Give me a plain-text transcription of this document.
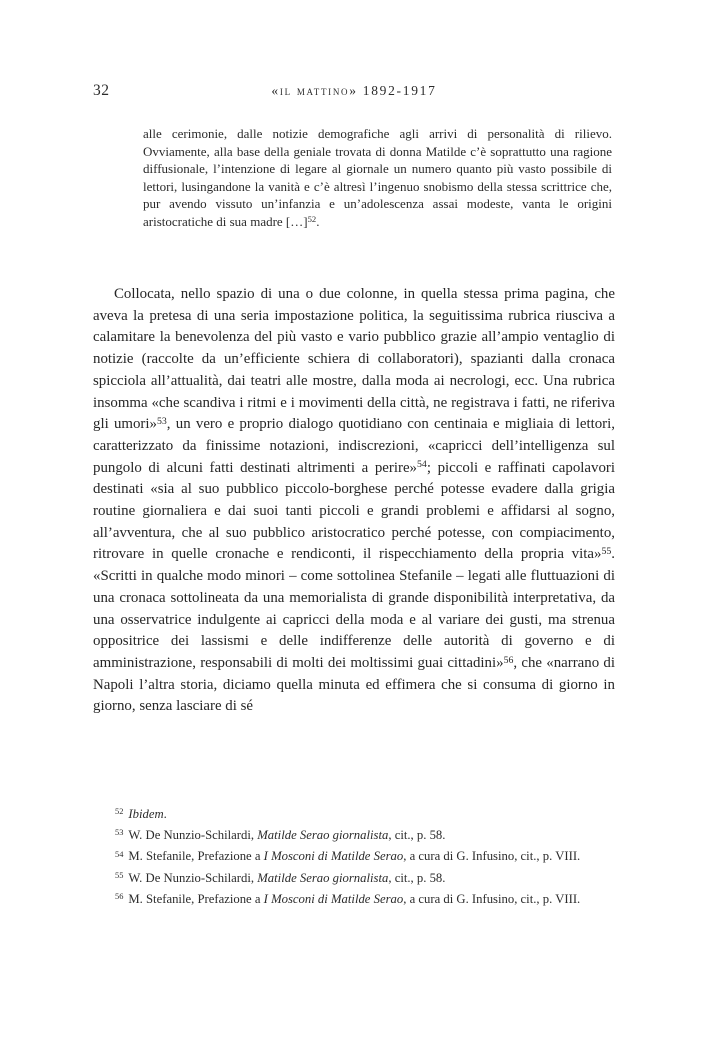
32	«il mattino» 1892-1917
alle cerimonie, dalle notizie demografiche agli arrivi di personalità di rilievo. Ovviamente, alla base della geniale trovata di donna Matilde c’è soprattutto una ragione diffusionale, l’intenzione di legare al giornale un numero quanto più vasto possibile di lettori, lusingandone la vanità e c’è altresì l’ingenuo snobismo della stessa scrittrice che, pur avendo vissuto un’infanzia e un’adolescenza assai modeste, vanta le origini aristocratiche di sua madre […]$^{52}$.

Collocata, nello spazio di una o due colonne, in quella stessa prima pagina, che aveva la pretesa di una seria impostazione politica, la seguitissima rubrica riusciva a calamitare la benevolenza del più vasto e vario pubblico grazie all’ampio ventaglio di notizie (raccolte da un’efficiente schiera di collaboratori), spazianti dalla cronaca spicciola all’attualità, dai teatri alle mostre, dalla moda ai necrologi, ecc. Una rubrica insomma «che scandiva i ritmi e i movimenti della città, ne registrava i fatti, ne riferiva gli umori»$^{53}$, un vero e proprio dialogo quotidiano con centinaia e migliaia di lettori, caratterizzato da finissime notazioni, indiscrezioni, «capricci dell’intelligenza sul pungolo di alcuni fatti destinati altrimenti a perire»$^{54}$; piccoli e raffinati capolavori destinati «sia al suo pubblico piccolo-borghese perché potesse evadere dalla grigia routine giornaliera e dai suoi tanti piccoli e grandi problemi e affidarsi al sogno, all’avventura, che al suo pubblico aristocratico perché potesse, con compiacimento, ritrovare in quelle cronache e rendiconti, il rispecchiamento della propria vita»$^{55}$. «Scritti in qualche modo minori – come sottolinea Stefanile – legati alle fluttuazioni di una cronaca sottolineata da una memorialista di grande disponibilità interpretativa, da una osservatrice indulgente ai capricci della moda e al variare dei gusti, ma strenua oppositrice dei lassismi e delle indifferenze delle autorità di governo e di amministrazione, responsabili di molti dei moltissimi guai cittadini»$^{56}$, che «narrano di Napoli l’altra storia, diciamo quella minuta ed effimera che si consuma di giorno in giorno, senza lasciare di sé

$^{52}$ Ibidem.

$^{53}$ W. De Nunzio-Schilardi, Matilde Serao giornalista, cit., p. 58.

$^{54}$ M. Stefanile, Prefazione a I Mosconi di Matilde Serao, a cura di G. Infusino, cit., p. VIII.

$^{55}$ W. De Nunzio-Schilardi, Matilde Serao giornalista, cit., p. 58.

$^{56}$ M. Stefanile, Prefazione a I Mosconi di Matilde Serao, a cura di G. Infusino, cit., p. VIII.
